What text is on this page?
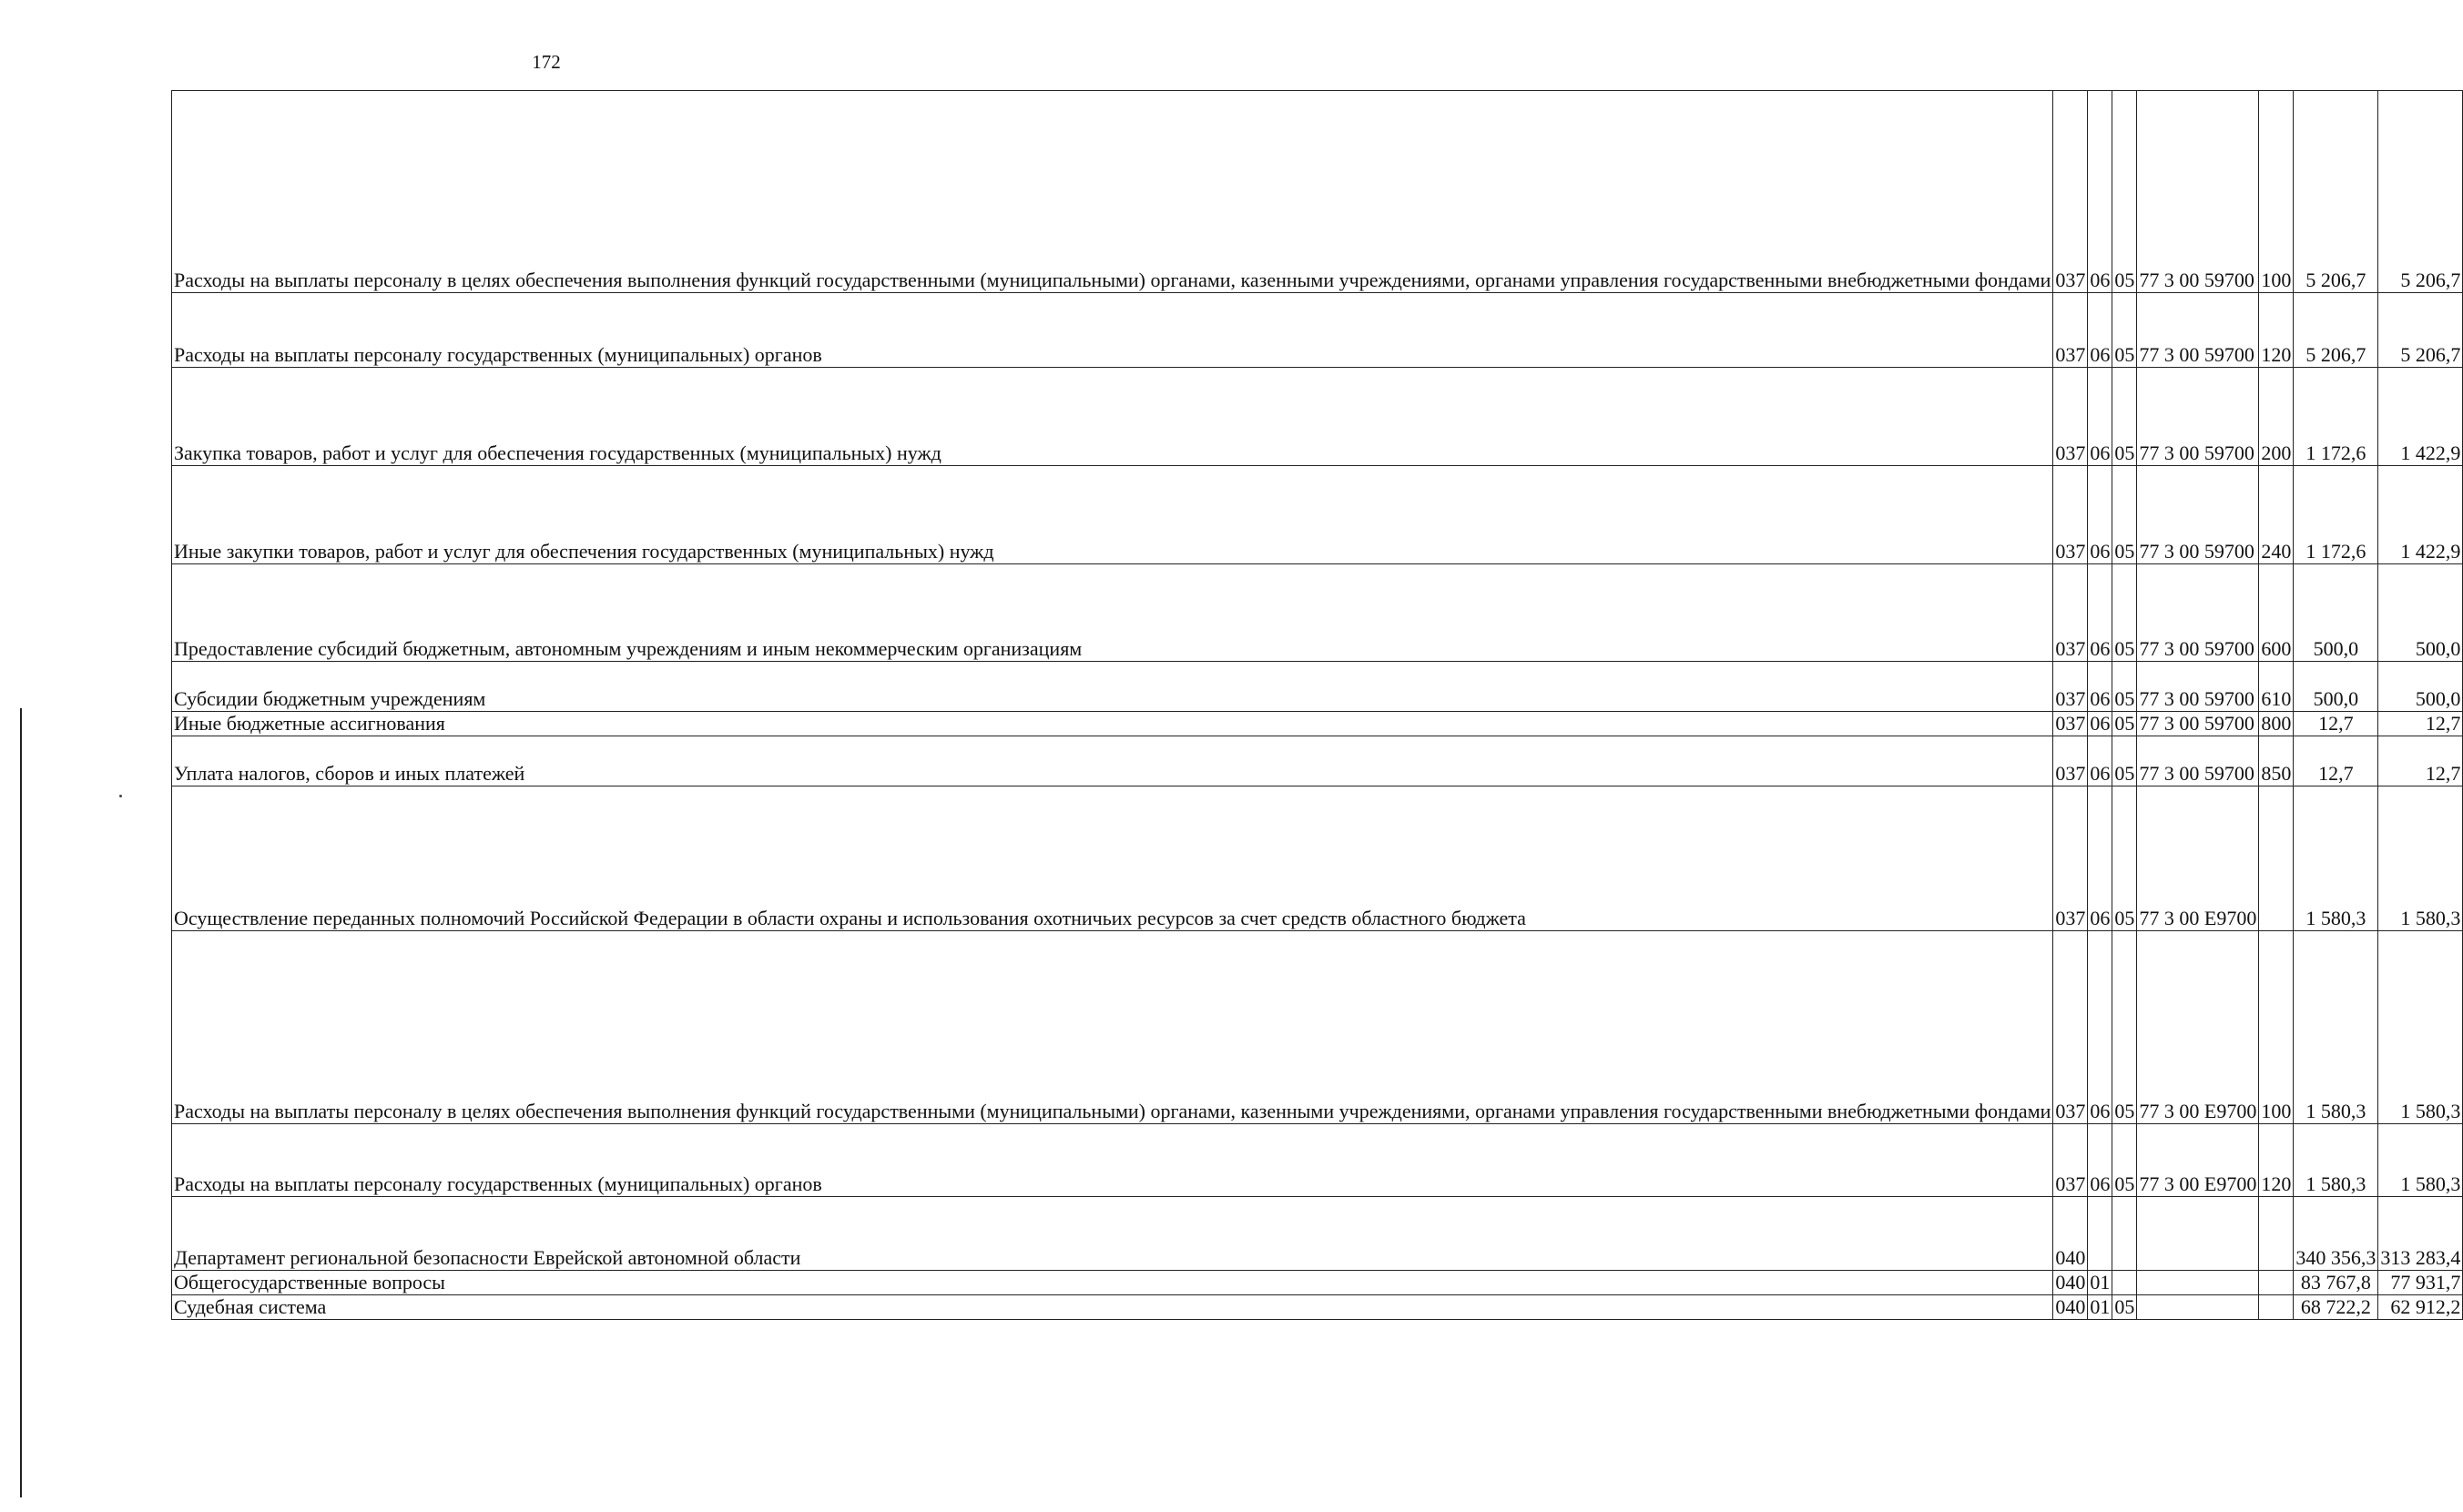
172
Расходы на выплаты персоналу в целях обеспечения выполнения функций государственными (муниципальными) органами, казенными учреждениями, органами управления государственными внебюджетными фондами	037	06	05	77 3 00 59700	100	5 206,7	5 206,7
Расходы на выплаты персоналу государственных (муниципальных) органов	037	06	05	77 3 00 59700	120	5 206,7	5 206,7
Закупка товаров, работ и услуг для обеспечения государственных (муниципальных) нужд	037	06	05	77 3 00 59700	200	1 172,6	1 422,9
Иные закупки товаров, работ и услуг для обеспечения государственных (муниципальных) нужд	037	06	05	77 3 00 59700	240	1 172,6	1 422,9
Предоставление субсидий бюджетным, автономным учреждениям и иным некоммерческим организациям	037	06	05	77 3 00 59700	600	500,0	500,0
Субсидии бюджетным учреждениям	037	06	05	77 3 00 59700	610	500,0	500,0
Иные бюджетные ассигнования	037	06	05	77 3 00 59700	800	12,7	12,7
Уплата налогов, сборов и иных платежей	037	06	05	77 3 00 59700	850	12,7	12,7
Осуществление переданных полномочий Российской Федерации в области охраны и использования охотничьих ресурсов за счет средств областного бюджета	037	06	05	77 3 00 E9700		1 580,3	1 580,3
Расходы на выплаты персоналу в целях обеспечения выполнения функций государственными (муниципальными) органами, казенными учреждениями, органами управления государственными внебюджетными фондами	037	06	05	77 3 00 E9700	100	1 580,3	1 580,3
Расходы на выплаты персоналу государственных (муниципальных) органов	037	06	05	77 3 00 E9700	120	1 580,3	1 580,3
Департамент региональной безопасности Еврейской автономной области	040					340 356,3	313 283,4
Общегосударственные вопросы	040	01				83 767,8	77 931,7
Судебная система	040	01	05			68 722,2	62 912,2
